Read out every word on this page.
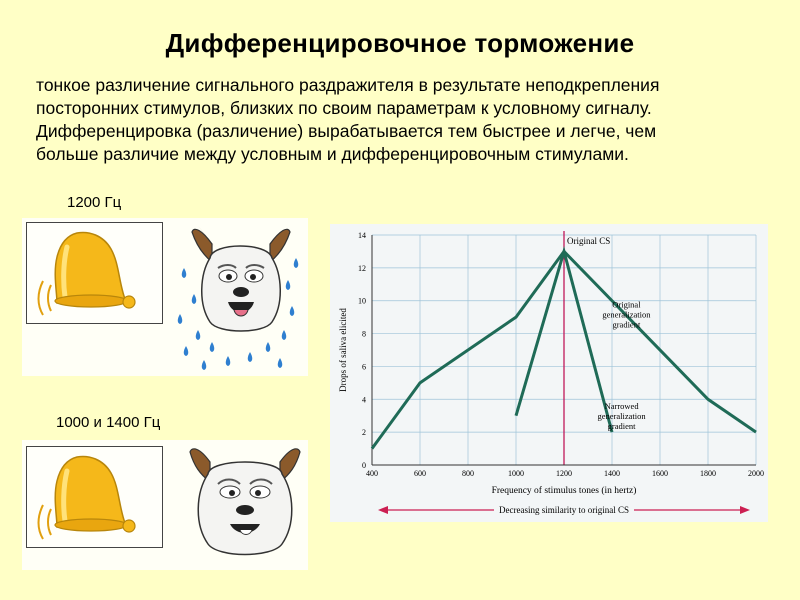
Дифференцировочное торможение

тонкое различение сигнального раздражителя в результате неподкрепления

посторонних стимулов, близких по своим параметрам к условному сигналу.

Дифференцировка (различение) вырабатывается тем быстрее и легче, чем

больше различие между условным и дифференцировочным стимулами.

1200 Гц
1000 и 1400 Гц
Original CS
0
2
4
6
8
10
12
14
400	600	800	1000	1200	1400	1600	1800	2000
Original generalization gradient
Narrowed generalization gradient
Drops of saliva elicited
Frequency of stimulus tones (in hertz)
Decreasing similarity to original CS
